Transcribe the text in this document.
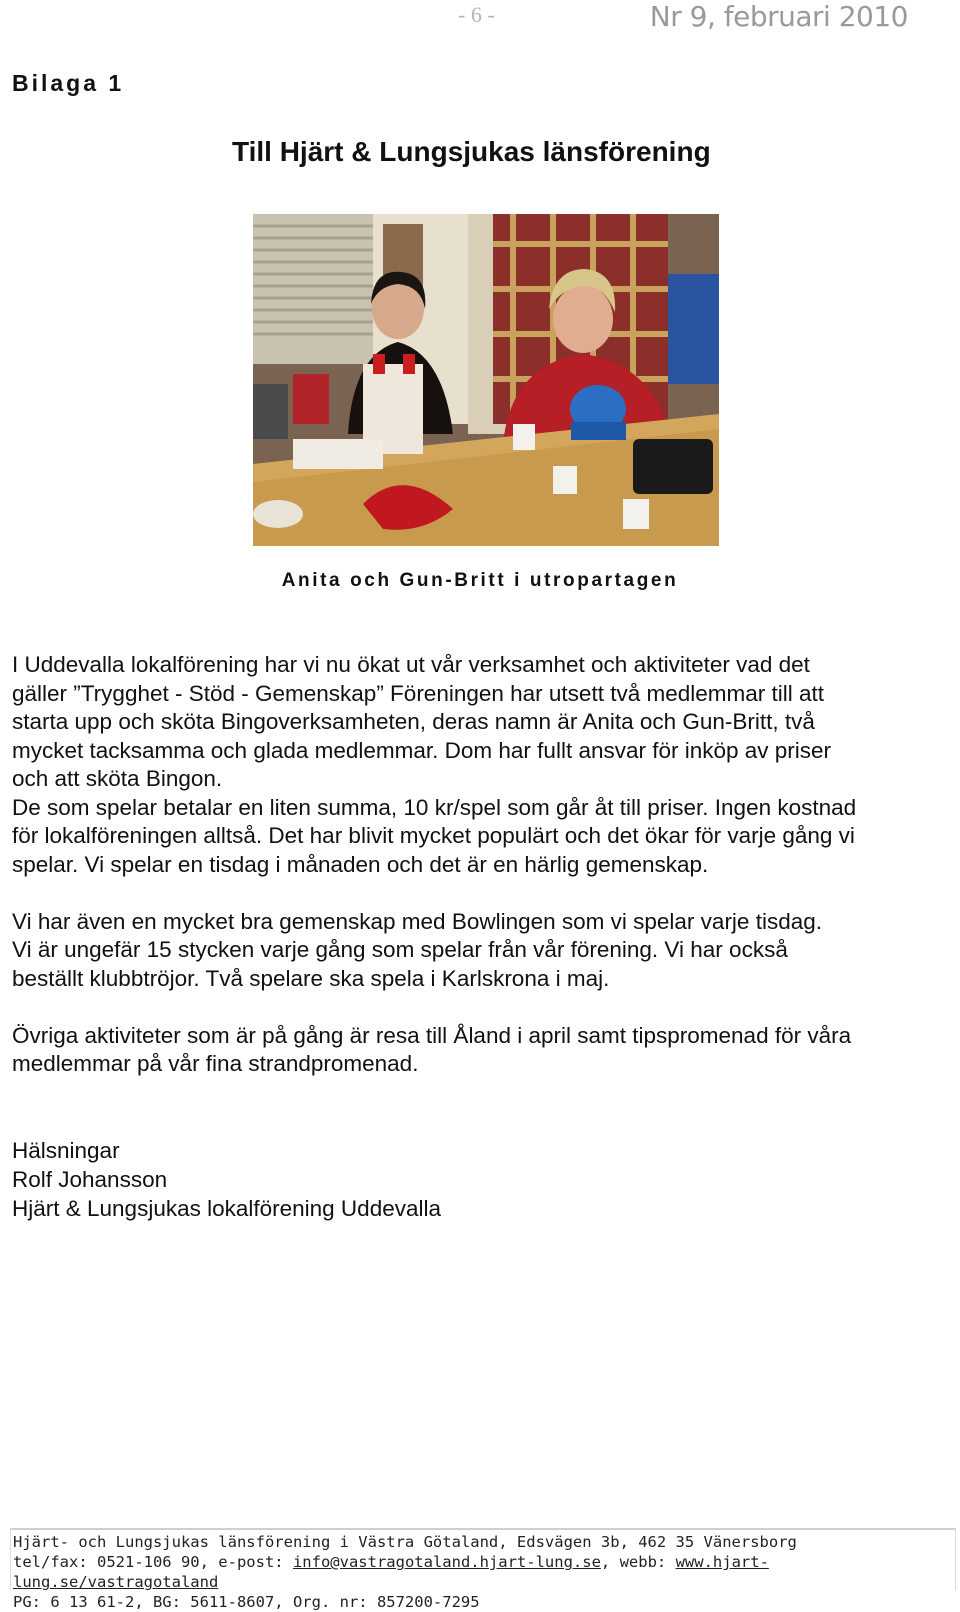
- 6 -	Nr 9, februari 2010
Bilaga 1
Till Hjärt & Lungsjukas länsförening
Anita och Gun-Britt i utropartagen

I Uddevalla lokalförening har vi nu ökat ut vår verksamhet och aktiviteter vad det
gäller ”Trygghet - Stöd - Gemenskap” Föreningen har utsett två medlemmar till att
starta upp och sköta Bingoverksamheten, deras namn är Anita och Gun-Britt, två
mycket tacksamma och glada medlemmar. Dom har fullt ansvar för inköp av priser
och att sköta Bingon.
De som spelar betalar en liten summa, 10 kr/spel som går åt till priser. Ingen kostnad
för lokalföreningen alltså. Det har blivit mycket populärt och det ökar för varje gång vi
spelar. Vi spelar en tisdag i månaden och det är en härlig gemenskap.

Vi har även en mycket bra gemenskap med Bowlingen som vi spelar varje tisdag.
Vi är ungefär 15 stycken varje gång som spelar från vår förening. Vi har också
beställt klubbtröjor. Två spelare ska spela i Karlskrona i maj.

Övriga aktiviteter som är på gång är resa till Åland i april samt tipspromenad för våra
medlemmar på vår fina strandpromenad.

Hälsningar
Rolf Johansson
Hjärt & Lungsjukas lokalförening Uddevalla
Hjärt- och Lungsjukas länsförening i Västra Götaland, Edsvägen 3b, 462 35 Vänersborg
tel/fax: 0521-106 90, e-post: info@vastragotaland.hjart-lung.se, webb: www.hjart-lung.se/vastragotaland
PG: 6 13 61-2, BG: 5611-8607, Org. nr: 857200-7295
